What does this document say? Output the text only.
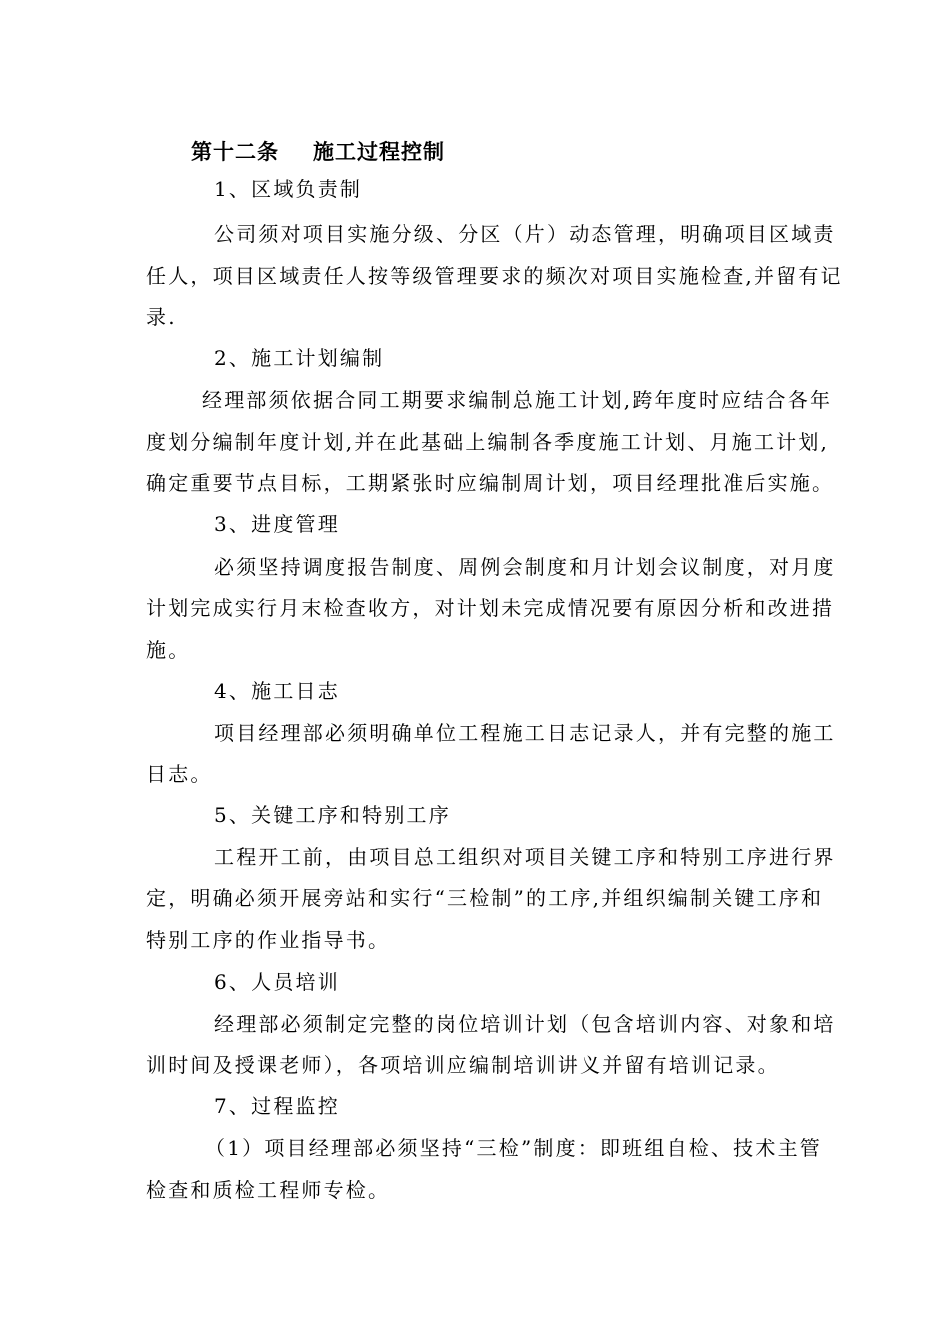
第十二条 施工过程控制
1、区域负责制
公司须对项目实施分级、分区（片）动态管理，明确项目区域责
任人，项目区域责任人按等级管理要求的频次对项目实施检查,并留有记
录.
2、施工计划编制
经理部须依据合同工期要求编制总施工计划,跨年度时应结合各年
度划分编制年度计划,并在此基础上编制各季度施工计划、月施工计划,
确定重要节点目标，工期紧张时应编制周计划，项目经理批准后实施。
3、进度管理
必须坚持调度报告制度、周例会制度和月计划会议制度，对月度
计划完成实行月末检查收方，对计划未完成情况要有原因分析和改进措
施。
4、施工日志
项目经理部必须明确单位工程施工日志记录人，并有完整的施工
日志。
5、关键工序和特别工序
工程开工前，由项目总工组织对项目关键工序和特别工序进行界
定，明确必须开展旁站和实行“三检制”的工序,并组织编制关键工序和
特别工序的作业指导书。
6、人员培训
经理部必须制定完整的岗位培训计划（包含培训内容、对象和培
训时间及授课老师），各项培训应编制培训讲义并留有培训记录。
7、过程监控
（1）项目经理部必须坚持“三检”制度：即班组自检、技术主管
检查和质检工程师专检。
